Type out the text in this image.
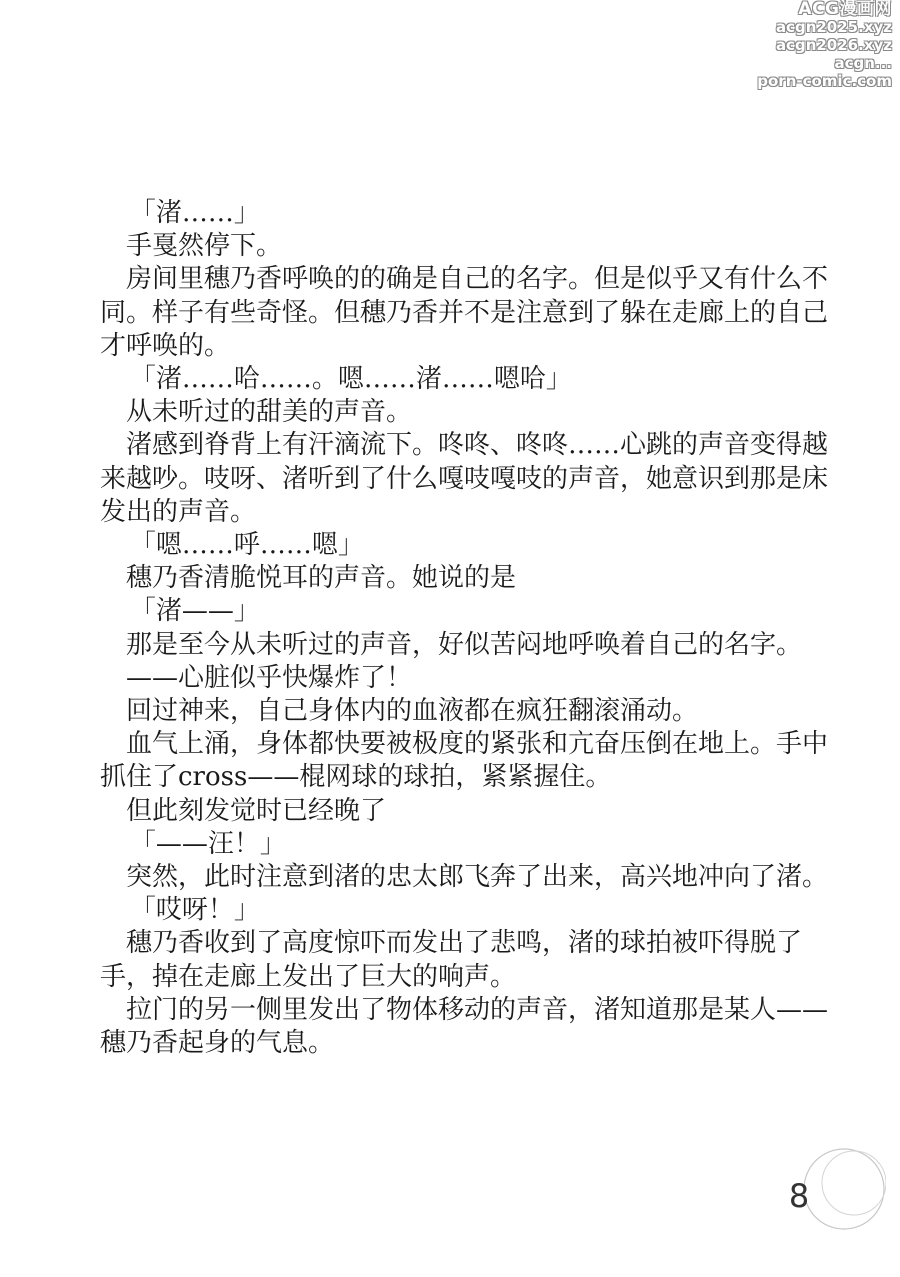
ACG漫画网
acgn2025.xyz
acgn2026.xyz
acgn...
porn-comic.com

「渚……」

手戛然停下。

房间里穗乃香呼唤的的确是自己的名字。但是似乎又有什么不同。样子有些奇怪。但穗乃香并不是注意到了躲在走廊上的自己才呼唤的。

「渚……哈……。嗯……渚……嗯哈」

从未听过的甜美的声音。

渚感到脊背上有汗滴流下。咚咚、咚咚……心跳的声音变得越来越吵。吱呀、渚听到了什么嘎吱嘎吱的声音，她意识到那是床发出的声音。

「嗯……呼……嗯」

穗乃香清脆悦耳的声音。她说的是

「渚——」

那是至今从未听过的声音，好似苦闷地呼唤着自己的名字。

——心脏似乎快爆炸了！

回过神来，自己身体内的血液都在疯狂翻滚涌动。

血气上涌，身体都快要被极度的紧张和亢奋压倒在地上。手中抓住了cross——棍网球的球拍，紧紧握住。

但此刻发觉时已经晚了

「——汪！」

突然，此时注意到渚的忠太郎飞奔了出来，高兴地冲向了渚。

「哎呀！」

穗乃香收到了高度惊吓而发出了悲鸣，渚的球拍被吓得脱了手，掉在走廊上发出了巨大的响声。

拉门的另一侧里发出了物体移动的声音，渚知道那是某人——穗乃香起身的气息。

8
